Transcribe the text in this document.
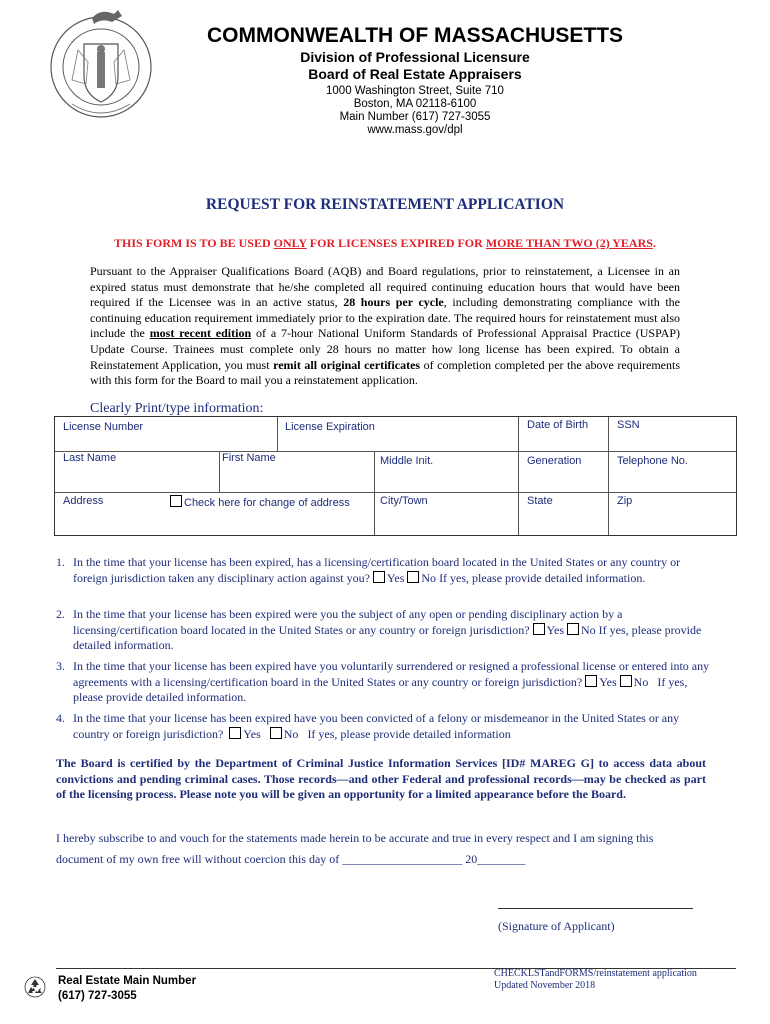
COMMONWEALTH OF MASSACHUSETTS
Division of Professional Licensure
Board of Real Estate Appraisers
1000 Washington Street, Suite 710
Boston, MA 02118-6100
Main Number (617) 727-3055
www.mass.gov/dpl
REQUEST FOR REINSTATEMENT APPLICATION
THIS FORM IS TO BE USED ONLY FOR LICENSES EXPIRED FOR MORE THAN TWO (2) YEARS.
Pursuant to the Appraiser Qualifications Board (AQB) and Board regulations, prior to reinstatement, a Licensee in an expired status must demonstrate that he/she completed all required continuing education hours that would have been required if the Licensee was in an active status, 28 hours per cycle, including demonstrating compliance with the continuing education requirement immediately prior to the expiration date. The required hours for reinstatement must also include the most recent edition of a 7-hour National Uniform Standards of Professional Appraisal Practice (USPAP) Update Course. Trainees must complete only 28 hours no matter how long license has been expired. To obtain a Reinstatement Application, you must remit all original certificates of completion completed per the above requirements with this form for the Board to mail you a reinstatement application.
Clearly Print/type information:
License Number	License Expiration	Date of Birth	SSN
Last Name	First Name	Middle Init.	Generation	Telephone No.
Address	Check here for change of address	City/Town	State	Zip
1. In the time that your license has been expired, has a licensing/certification board located in the United States or any country or foreign jurisdiction taken any disciplinary action against you? Yes No If yes, please provide detailed information.
2. In the time that your license has been expired were you the subject of any open or pending disciplinary action by a licensing/certification board located in the United States or any country or foreign jurisdiction? Yes No If yes, please provide detailed information.
3. In the time that your license has been expired have you voluntarily surrendered or resigned a professional license or entered into any agreements with a licensing/certification board in the United States or any country or foreign jurisdiction? Yes No If yes, please provide detailed information.
4. In the time that your license has been expired have you been convicted of a felony or misdemeanor in the United States or any country or foreign jurisdiction? Yes No If yes, please provide detailed information
The Board is certified by the Department of Criminal Justice Information Services [ID# MAREG G] to access data about convictions and pending criminal cases. Those records—and other Federal and professional records—may be checked as part of the licensing process. Please note you will be given an opportunity for a limited appearance before the Board.
I hereby subscribe to and vouch for the statements made herein to be accurate and true in every respect and I am signing this
document of my own free will without coercion this day of ____________________ 20________
(Signature of Applicant)
Real Estate Main Number
(617) 727-3055
CHECKLSTandFORMS/reinstatement application
Updated November 2018
